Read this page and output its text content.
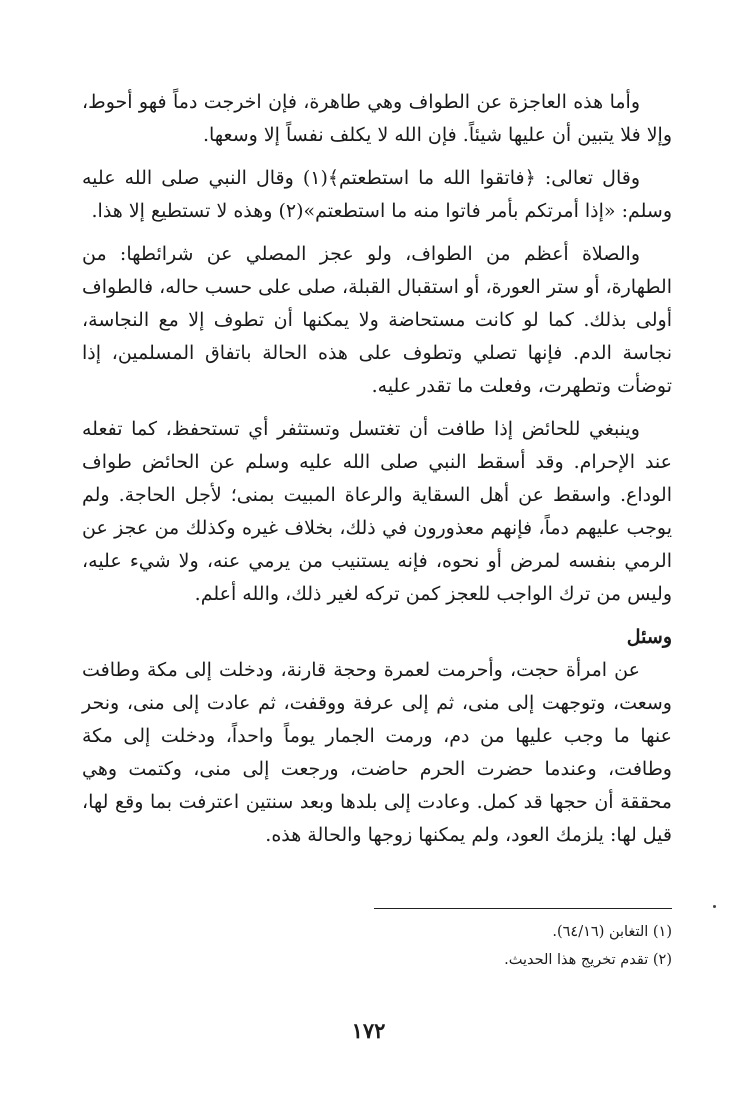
وأما هذه العاجزة عن الطواف وهي طاهرة، فإن اخرجت دماً فهو أحوط، وإلا فلا يتبين أن عليها شيئاً. فإن الله لا يكلف نفساً إلا وسعها.

وقال تعالى: ﴿فاتقوا الله ما استطعتم﴾(١) وقال النبي صلى الله عليه وسلم: «إذا أمرتكم بأمر فاتوا منه ما استطعتم»(٢) وهذه لا تستطيع إلا هذا.

والصلاة أعظم من الطواف، ولو عجز المصلي عن شرائطها: من الطهارة، أو ستر العورة، أو استقبال القبلة، صلى على حسب حاله، فالطواف أولى بذلك. كما لو كانت مستحاضة ولا يمكنها أن تطوف إلا مع النجاسة، نجاسة الدم. فإنها تصلي وتطوف على هذه الحالة باتفاق المسلمين، إذا توضأت وتطهرت، وفعلت ما تقدر عليه.

وينبغي للحائض إذا طافت أن تغتسل وتستثفر أي تستحفظ، كما تفعله عند الإحرام. وقد أسقط النبي صلى الله عليه وسلم عن الحائض طواف الوداع. واسقط عن أهل السقاية والرعاة المبيت بمنى؛ لأجل الحاجة. ولم يوجب عليهم دماً، فإنهم معذورون في ذلك، بخلاف غيره وكذلك من عجز عن الرمي بنفسه لمرض أو نحوه، فإنه يستنيب من يرمي عنه، ولا شيء عليه، وليس من ترك الواجب للعجز كمن تركه لغير ذلك، والله أعلم.

وسئل

عن امرأة حجت، وأحرمت لعمرة وحجة قارنة، ودخلت إلى مكة وطافت وسعت، وتوجهت إلى منى، ثم إلى عرفة ووقفت، ثم عادت إلى منى، ونحر عنها ما وجب عليها من دم، ورمت الجمار يوماً واحداً، ودخلت إلى مكة وطافت، وعندما حضرت الحرم حاضت، ورجعت إلى منى، وكتمت وهي محققة أن حجها قد كمل. وعادت إلى بلدها وبعد سنتين اعترفت بما وقع لها، قيل لها: يلزمك العود، ولم يمكنها زوجها والحالة هذه.

(١) التغابن (٦٤/١٦).

(٢) تقدم تخريج هذا الحديث.

١٧٢
